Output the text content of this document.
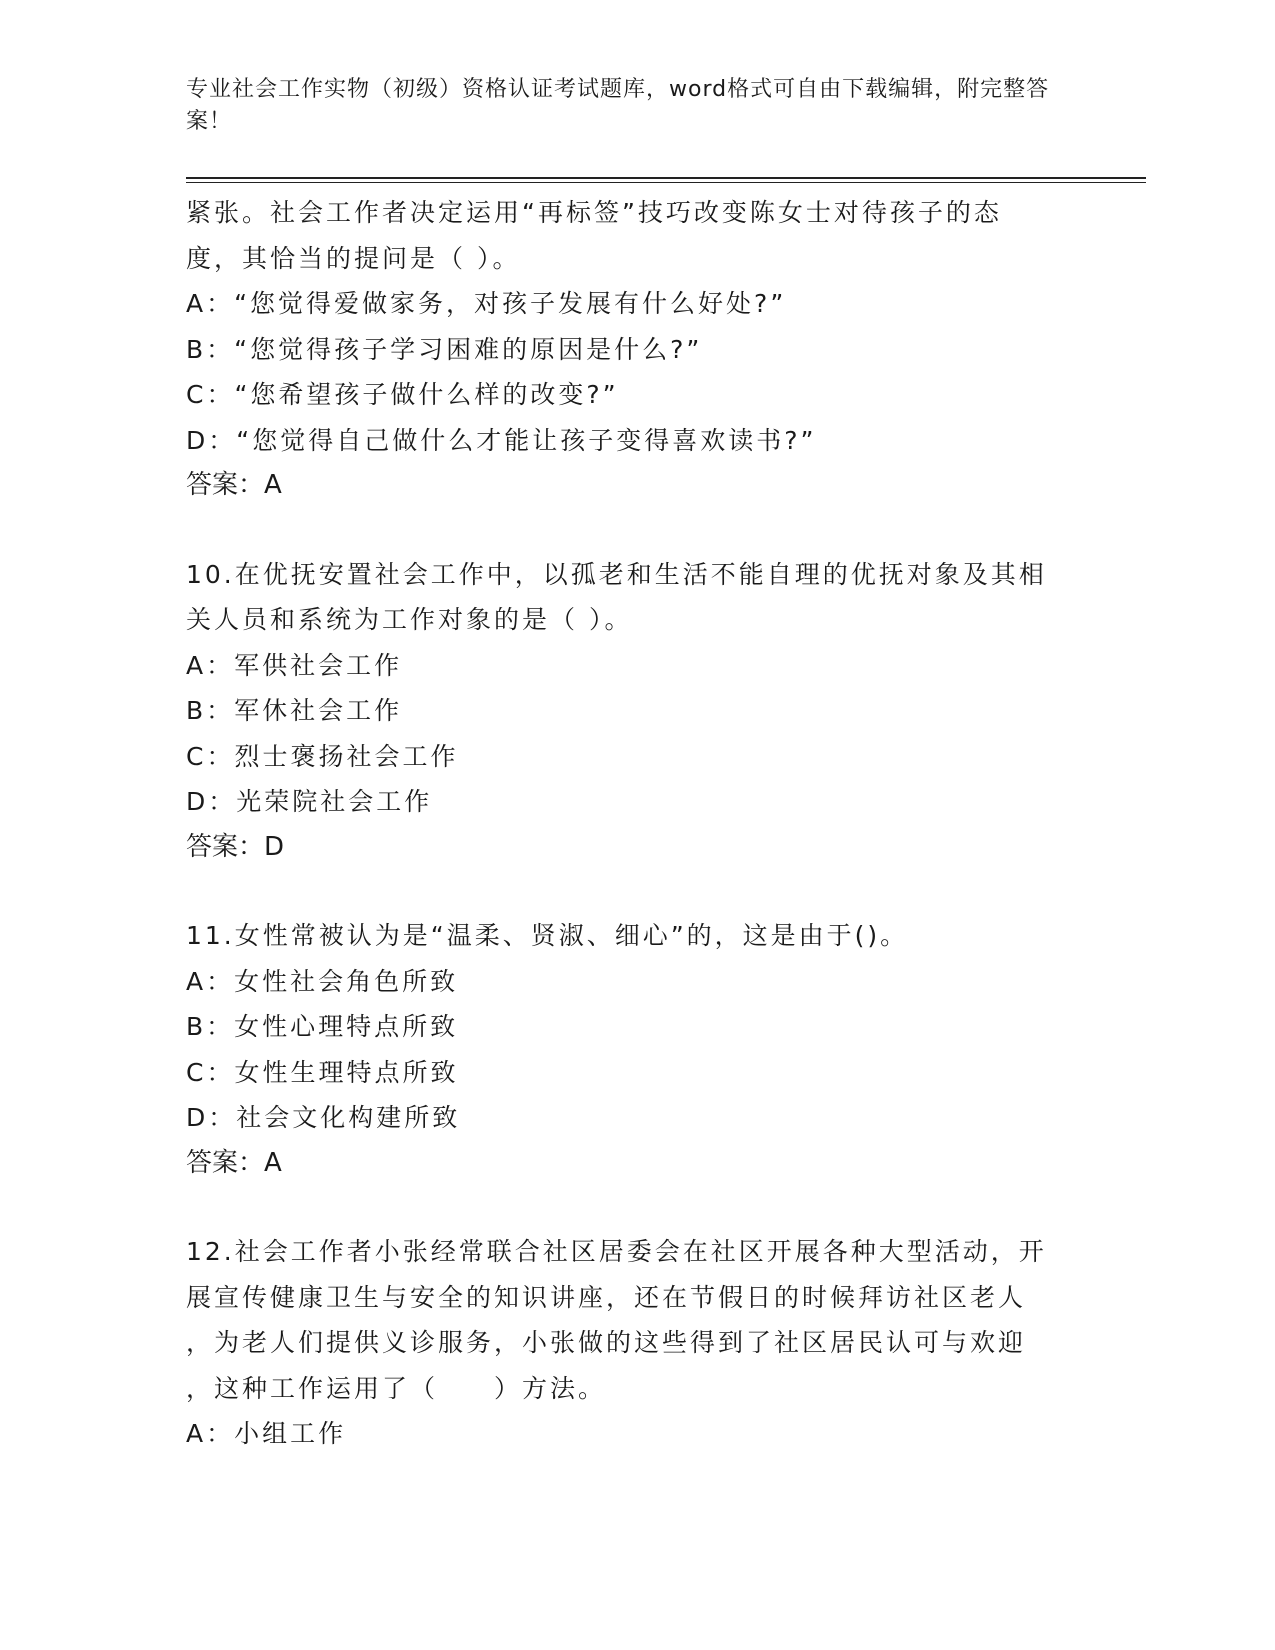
专业社会工作实物（初级）资格认证考试题库，word格式可自由下载编辑，附完整答案！
紧张。社会工作者决定运用“再标签”技巧改变陈女士对待孩子的态
度，其恰当的提问是（ ）。
A：“您觉得爱做家务，对孩子发展有什么好处?”
B：“您觉得孩子学习困难的原因是什么?”
C：“您希望孩子做什么样的改变?”
D：“您觉得自己做什么才能让孩子变得喜欢读书?”
答案：A
10.在优抚安置社会工作中，以孤老和生活不能自理的优抚对象及其相
关人员和系统为工作对象的是（ ）。
A：军供社会工作
B：军休社会工作
C：烈士褒扬社会工作
D：光荣院社会工作
答案：D
11.女性常被认为是“温柔、贤淑、细心”的，这是由于()。
A：女性社会角色所致
B：女性心理特点所致
C：女性生理特点所致
D：社会文化构建所致
答案：A
12.社会工作者小张经常联合社区居委会在社区开展各种大型活动，开
展宣传健康卫生与安全的知识讲座，还在节假日的时候拜访社区老人
，为老人们提供义诊服务，小张做的这些得到了社区居民认可与欢迎
，这种工作运用了（　　）方法。
A：小组工作
